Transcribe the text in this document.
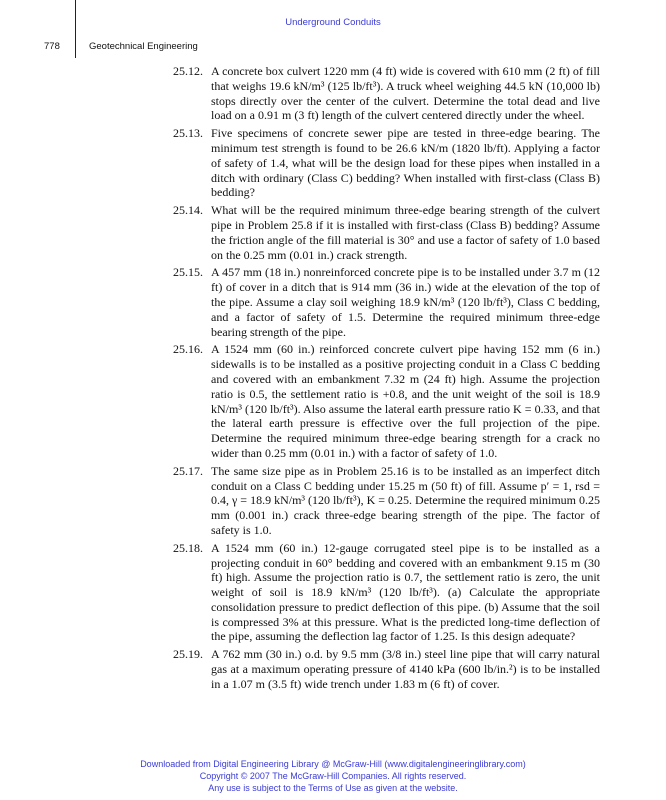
Underground Conduits
778	Geotechnical Engineering
25.12. A concrete box culvert 1220 mm (4 ft) wide is covered with 610 mm (2 ft) of fill that weighs 19.6 kN/m³ (125 lb/ft³). A truck wheel weighing 44.5 kN (10,000 lb) stops directly over the center of the culvert. Determine the total dead and live load on a 0.91 m (3 ft) length of the culvert centered directly under the wheel.
25.13. Five specimens of concrete sewer pipe are tested in three-edge bearing. The minimum test strength is found to be 26.6 kN/m (1820 lb/ft). Applying a factor of safety of 1.4, what will be the design load for these pipes when installed in a ditch with ordinary (Class C) bedding? When installed with first-class (Class B) bedding?
25.14. What will be the required minimum three-edge bearing strength of the culvert pipe in Problem 25.8 if it is installed with first-class (Class B) bedding? Assume the friction angle of the fill material is 30° and use a factor of safety of 1.0 based on the 0.25 mm (0.01 in.) crack strength.
25.15. A 457 mm (18 in.) nonreinforced concrete pipe is to be installed under 3.7 m (12 ft) of cover in a ditch that is 914 mm (36 in.) wide at the elevation of the top of the pipe. Assume a clay soil weighing 18.9 kN/m³ (120 lb/ft³), Class C bedding, and a factor of safety of 1.5. Determine the required minimum three-edge bearing strength of the pipe.
25.16. A 1524 mm (60 in.) reinforced concrete culvert pipe having 152 mm (6 in.) sidewalls is to be installed as a positive projecting conduit in a Class C bedding and covered with an embankment 7.32 m (24 ft) high. Assume the projection ratio is 0.5, the settlement ratio is +0.8, and the unit weight of the soil is 18.9 kN/m³ (120 lb/ft³). Also assume the lateral earth pressure ratio K = 0.33, and that the lateral earth pressure is effective over the full projection of the pipe. Determine the required minimum three-edge bearing strength for a crack no wider than 0.25 mm (0.01 in.) with a factor of safety of 1.0.
25.17. The same size pipe as in Problem 25.16 is to be installed as an imperfect ditch conduit on a Class C bedding under 15.25 m (50 ft) of fill. Assume p′ = 1, rsd = 0.4, γ = 18.9 kN/m³ (120 lb/ft³), K = 0.25. Determine the required minimum 0.25 mm (0.001 in.) crack three-edge bearing strength of the pipe. The factor of safety is 1.0.
25.18. A 1524 mm (60 in.) 12-gauge corrugated steel pipe is to be installed as a projecting conduit in 60° bedding and covered with an embankment 9.15 m (30 ft) high. Assume the projection ratio is 0.7, the settlement ratio is zero, the unit weight of soil is 18.9 kN/m³ (120 lb/ft³). (a) Calculate the appropriate consolidation pressure to predict deflection of this pipe. (b) Assume that the soil is compressed 3% at this pressure. What is the predicted long-time deflection of the pipe, assuming the deflection lag factor of 1.25. Is this design adequate?
25.19. A 762 mm (30 in.) o.d. by 9.5 mm (3/8 in.) steel line pipe that will carry natural gas at a maximum operating pressure of 4140 kPa (600 lb/in.²) is to be installed in a 1.07 m (3.5 ft) wide trench under 1.83 m (6 ft) of cover.
Downloaded from Digital Engineering Library @ McGraw-Hill (www.digitalengineeringlibrary.com)
Copyright © 2007 The McGraw-Hill Companies. All rights reserved.
Any use is subject to the Terms of Use as given at the website.
